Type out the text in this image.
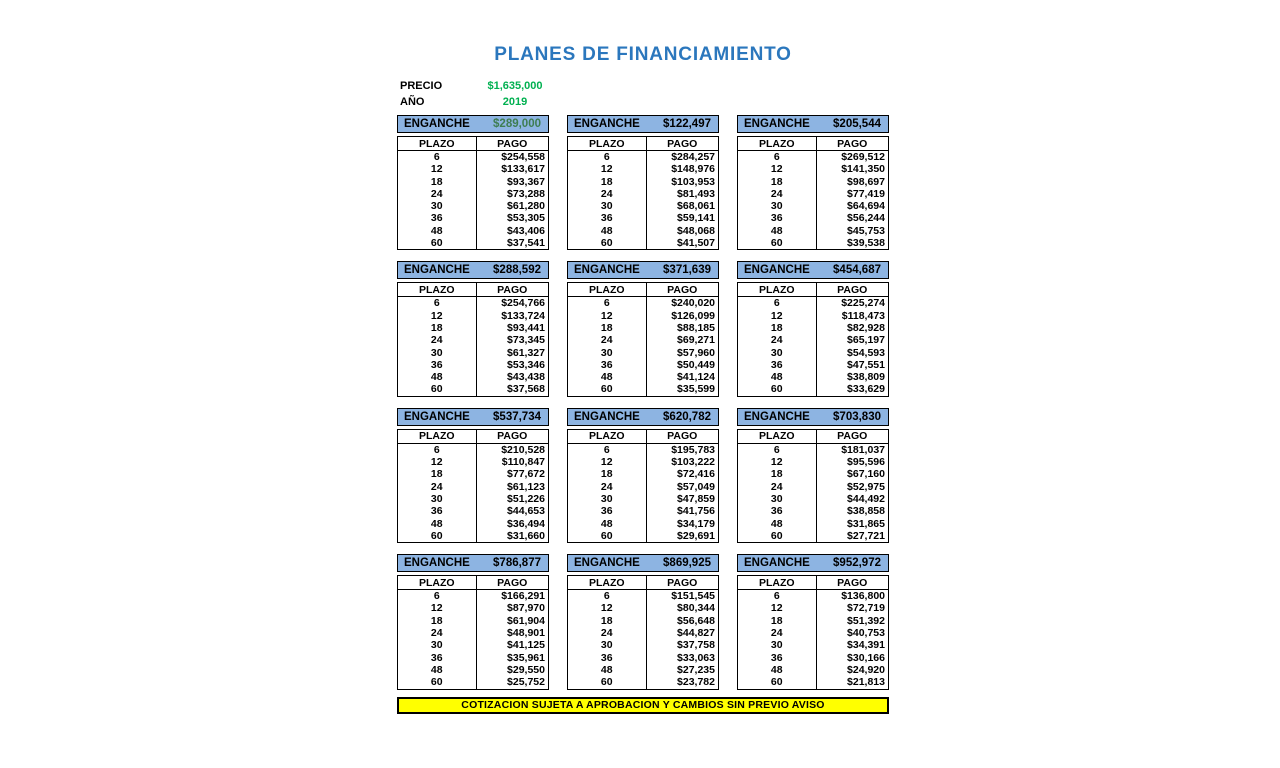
PLANES DE FINANCIAMIENTO
PRECIO	$1,635,000
AÑO	2019
ENGANCHE $289,000
PLAZO	PAGO
6	$254,558
12	$133,617
18	$93,367
24	$73,288
30	$61,280
36	$53,305
48	$43,406
60	$37,541
ENGANCHE $122,497
PLAZO	PAGO
6	$284,257
12	$148,976
18	$103,953
24	$81,493
30	$68,061
36	$59,141
48	$48,068
60	$41,507
ENGANCHE $205,544
PLAZO	PAGO
6	$269,512
12	$141,350
18	$98,697
24	$77,419
30	$64,694
36	$56,244
48	$45,753
60	$39,538
ENGANCHE $288,592
PLAZO	PAGO
6	$254,766
12	$133,724
18	$93,441
24	$73,345
30	$61,327
36	$53,346
48	$43,438
60	$37,568
ENGANCHE $371,639
PLAZO	PAGO
6	$240,020
12	$126,099
18	$88,185
24	$69,271
30	$57,960
36	$50,449
48	$41,124
60	$35,599
ENGANCHE $454,687
PLAZO	PAGO
6	$225,274
12	$118,473
18	$82,928
24	$65,197
30	$54,593
36	$47,551
48	$38,809
60	$33,629
ENGANCHE $537,734
PLAZO	PAGO
6	$210,528
12	$110,847
18	$77,672
24	$61,123
30	$51,226
36	$44,653
48	$36,494
60	$31,660
ENGANCHE $620,782
PLAZO	PAGO
6	$195,783
12	$103,222
18	$72,416
24	$57,049
30	$47,859
36	$41,756
48	$34,179
60	$29,691
ENGANCHE $703,830
PLAZO	PAGO
6	$181,037
12	$95,596
18	$67,160
24	$52,975
30	$44,492
36	$38,858
48	$31,865
60	$27,721
ENGANCHE $786,877
PLAZO	PAGO
6	$166,291
12	$87,970
18	$61,904
24	$48,901
30	$41,125
36	$35,961
48	$29,550
60	$25,752
ENGANCHE $869,925
PLAZO	PAGO
6	$151,545
12	$80,344
18	$56,648
24	$44,827
30	$37,758
36	$33,063
48	$27,235
60	$23,782
ENGANCHE $952,972
PLAZO	PAGO
6	$136,800
12	$72,719
18	$51,392
24	$40,753
30	$34,391
36	$30,166
48	$24,920
60	$21,813
COTIZACION SUJETA A APROBACION Y CAMBIOS SIN PREVIO AVISO
